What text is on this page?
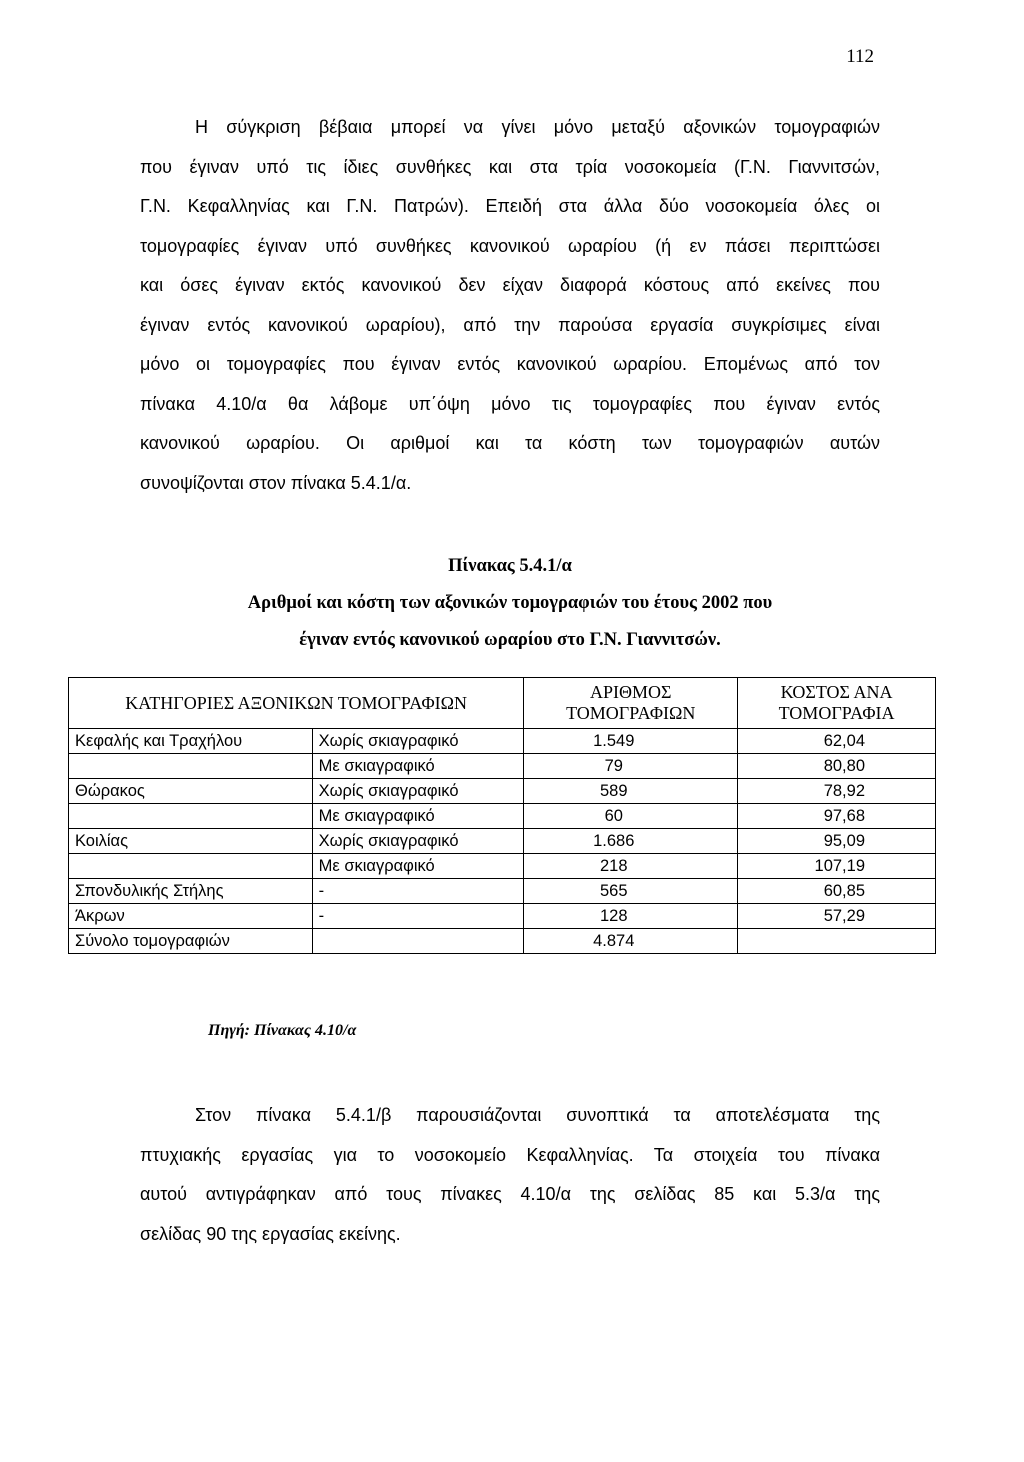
112

Η σύγκριση βέβαια μπορεί να γίνει μόνο μεταξύ αξονικών τομογραφιών
που έγιναν υπό τις ίδιες συνθήκες και στα τρία νοσοκομεία (Γ.Ν. Γιαννιτσών,
Γ.Ν. Κεφαλληνίας και Γ.Ν. Πατρών). Επειδή στα άλλα δύο νοσοκομεία όλες οι
τομογραφίες έγιναν υπό συνθήκες κανονικού ωραρίου (ή εν πάσει περιπτώσει
και όσες έγιναν εκτός κανονικού δεν είχαν διαφορά κόστους από εκείνες που
έγιναν εντός κανονικού ωραρίου), από την παρούσα εργασία συγκρίσιμες είναι
μόνο οι τομογραφίες που έγιναν εντός κανονικού ωραρίου. Επομένως από τον
πίνακα 4.10/α θα λάβομε υπ΄όψη μόνο τις τομογραφίες που έγιναν εντός
κανονικού ωραρίου. Οι αριθμοί και τα κόστη των τομογραφιών αυτών
συνοψίζονται στον πίνακα 5.4.1/α.

Πίνακας 5.4.1/α
Αριθμοί και κόστη των αξονικών τομογραφιών του έτους 2002 που
έγιναν εντός κανονικού ωραρίου στο Γ.Ν. Γιαννιτσών.
ΚΑΤΗΓΟΡΙΕΣ ΑΞΟΝΙΚΩΝ ΤΟΜΟΓΡΑΦΙΩΝ		ΑΡΙΘΜΟΣ ΤΟΜΟΓΡΑΦΙΩΝ	ΚΟΣΤΟΣ ΑΝΑ ΤΟΜΟΓΡΑΦΙΑ
Κεφαλής και Τραχήλου	Χωρίς σκιαγραφικό	1.549	62,04
	Με σκιαγραφικό	79	80,80
Θώρακος	Χωρίς σκιαγραφικό	589	78,92
	Με σκιαγραφικό	60	97,68
Κοιλίας	Χωρίς σκιαγραφικό	1.686	95,09
	Με σκιαγραφικό	218	107,19
Σπονδυλικής Στήλης	-	565	60,85
Άκρων	-	128	57,29
Σύνολο τομογραφιών		4.874	
Πηγή: Πίνακας 4.10/α

Στον πίνακα 5.4.1/β παρουσιάζονται συνοπτικά τα αποτελέσματα της
πτυχιακής εργασίας για το νοσοκομείο Κεφαλληνίας. Τα στοιχεία του πίνακα
αυτού αντιγράφηκαν από τους πίνακες 4.10/α της σελίδας 85 και 5.3/α της
σελίδας 90 της εργασίας εκείνης.
